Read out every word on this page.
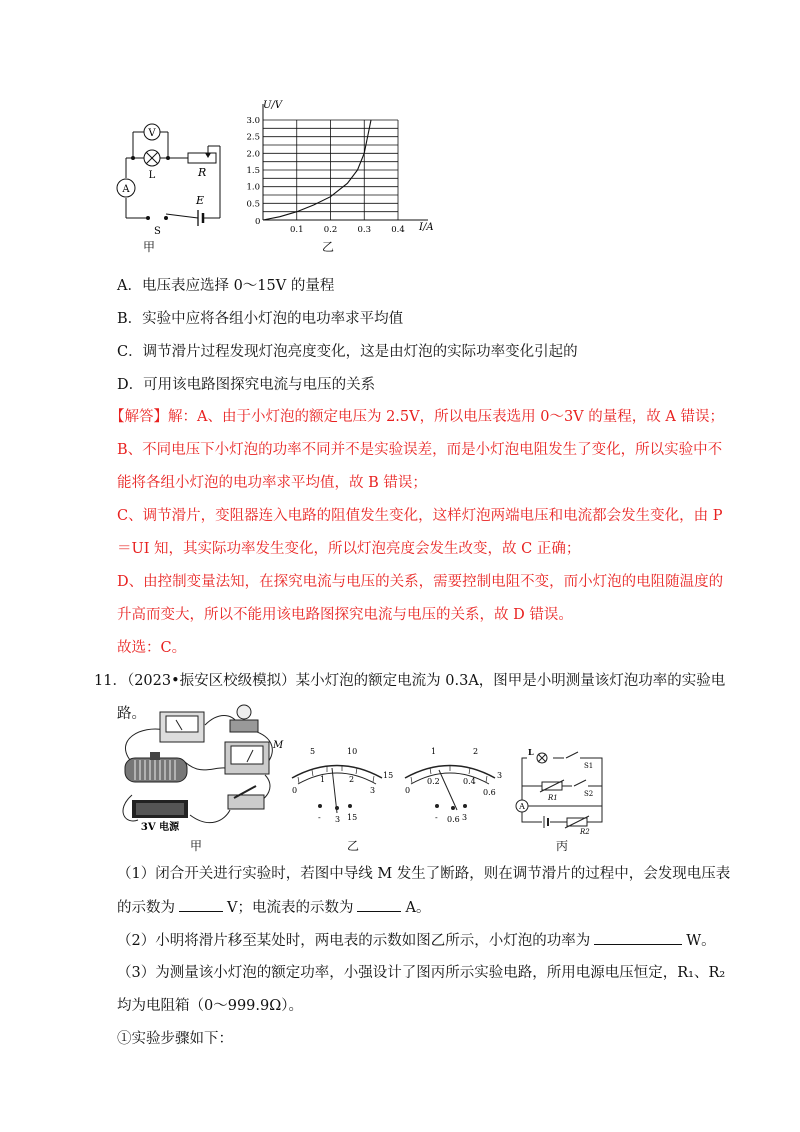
V
A
L	R
E
S
甲
0.5
1.0
1.5
2.0
2.5
3.0
0.1 0.2 0.3 0.4
U/V
I/A
0
乙
A．电压表应选择 0～15V 的量程
B．实验中应将各组小灯泡的电功率求平均值
C．调节滑片过程发现灯泡亮度变化，这是由灯泡的实际功率变化引起的
D．可用该电路图探究电流与电压的关系
【解答】解：A、由于小灯泡的额定电压为 2.5V，所以电压表选用 0～3V 的量程，故 A 错误；
B、不同电压下小灯泡的功率不同并不是实验误差，而是小灯泡电阻发生了变化，所以实验中不
能将各组小灯泡的电功率求平均值，故 B 错误；
C、调节滑片，变阻器连入电路的阻值发生变化，这样灯泡两端电压和电流都会发生变化，由 P
＝UI 知，其实际功率发生变化，所以灯泡亮度会发生改变，故 C 正确；
D、由控制变量法知，在探究电流与电压的关系，需要控制电阻不变，而小灯泡的电阻随温度的
升高而变大，所以不能用该电路图探究电流与电压的关系，故 D 错误。
故选：C。
11．（2023•振安区校级模拟）某小灯泡的额定电流为 0.3A，图甲是小明测量该灯泡功率的实验电
路。
M
3V 电源
甲
5	10
15
0
1	2
3
- 3 15
乙
1	2
3
0
0.2	0.4
0.6
- 0.6 3
L
S1
R1	S2
A
R2
丙
（1）闭合开关进行实验时，若图中导线 M 发生了断路，则在调节滑片的过程中，会发现电压表
的示数为	V；电流表的示数为	A。
（2）小明将滑片移至某处时，两电表的示数如图乙所示，小灯泡的功率为	W。
（3）为测量该小灯泡的额定功率，小强设计了图丙所示实验电路，所用电源电压恒定，R₁、R₂
均为电阻箱（0～999.9Ω）。
①实验步骤如下：
